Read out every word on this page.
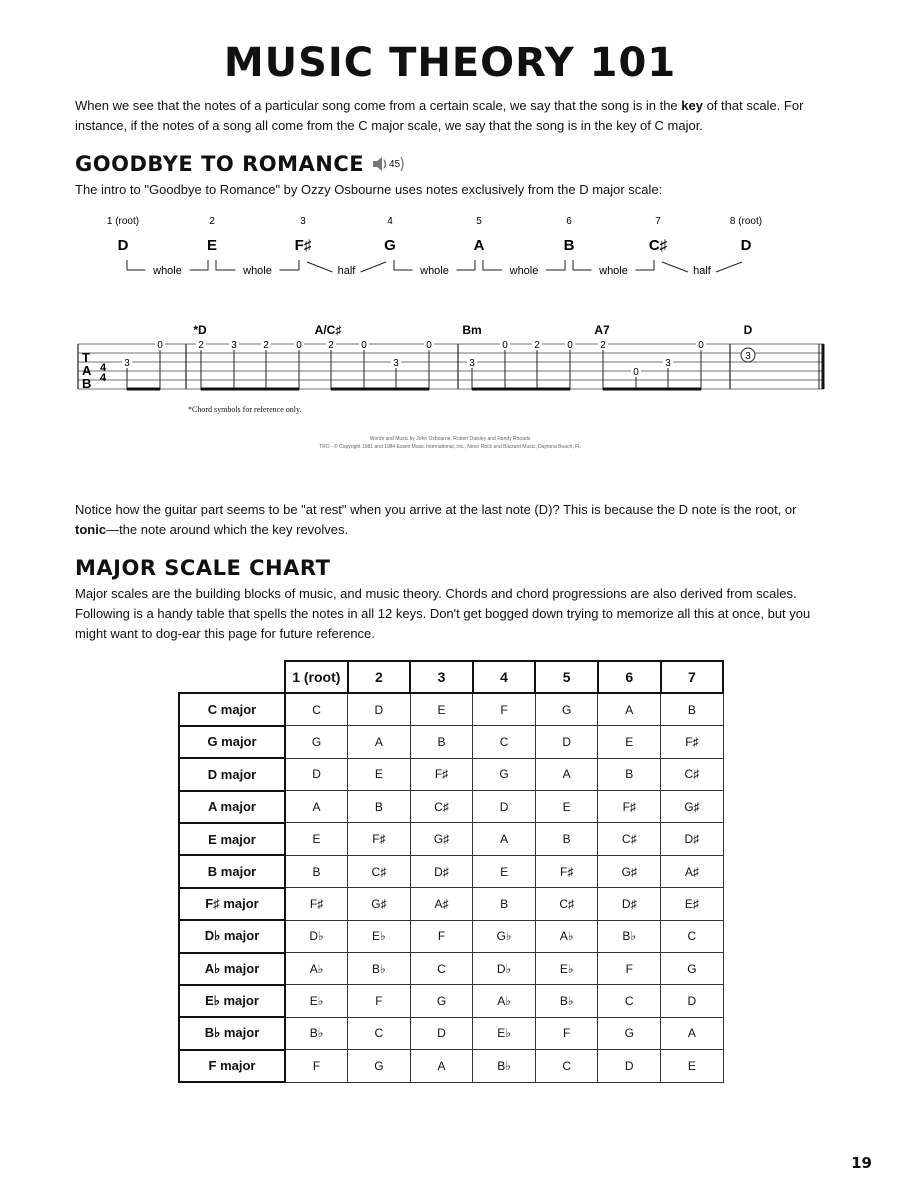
MUSIC THEORY 101

When we see that the notes of a particular song come from a certain scale, we say that the song is in the key of that scale. For instance, if the notes of a song all come from the C major scale, we say that the song is in the key of C major.

GOODBYE TO ROMANCE 45

The intro to "Goodbye to Romance" by Ozzy Osbourne uses notes exclusively from the D major scale:

1 (root)	2	3	4	5	6	7	8 (root)
D	E	F♯	G	A	B	C♯	D
whole	whole	half	whole	whole	whole	half
T
A
B
4
4
*D	A/C♯	Bm	A7	D
3
0	2	3	2	0	2	0
3
0
3
0	2	0	2
0
3
0
3
*Chord symbols for reference only.
Words and Music by John Osbourne, Robert Daisley and Randy Rhoads
TRO - © Copyright 1981 and 1984 Essex Music International, Inc., Neon Rock and Blizzard Music, Daytona Beach, FL

Notice how the guitar part seems to be "at rest" when you arrive at the last note (D)? This is because the D note is the root, or tonic—the note around which the key revolves.

MAJOR SCALE CHART

Major scales are the building blocks of music, and music theory. Chords and chord progressions are also derived from scales. Following is a handy table that spells the notes in all 12 keys. Don't get bogged down trying to memorize all this at once, but you might want to dog-ear this page for future reference.

	1 (root)	2	3	4	5	6	7
C major	C	D	E	F	G	A	B
G major	G	A	B	C	D	E	F♯
D major	D	E	F♯	G	A	B	C♯
A major	A	B	C♯	D	E	F♯	G♯
E major	E	F♯	G♯	A	B	C♯	D♯
B major	B	C♯	D♯	E	F♯	G♯	A♯
F♯ major	F♯	G♯	A♯	B	C♯	D♯	E♯
D♭ major	D♭	E♭	F	G♭	A♭	B♭	C
A♭ major	A♭	B♭	C	D♭	E♭	F	G
E♭ major	E♭	F	G	A♭	B♭	C	D
B♭ major	B♭	C	D	E♭	F	G	A
F major	F	G	A	B♭	C	D	E
19
